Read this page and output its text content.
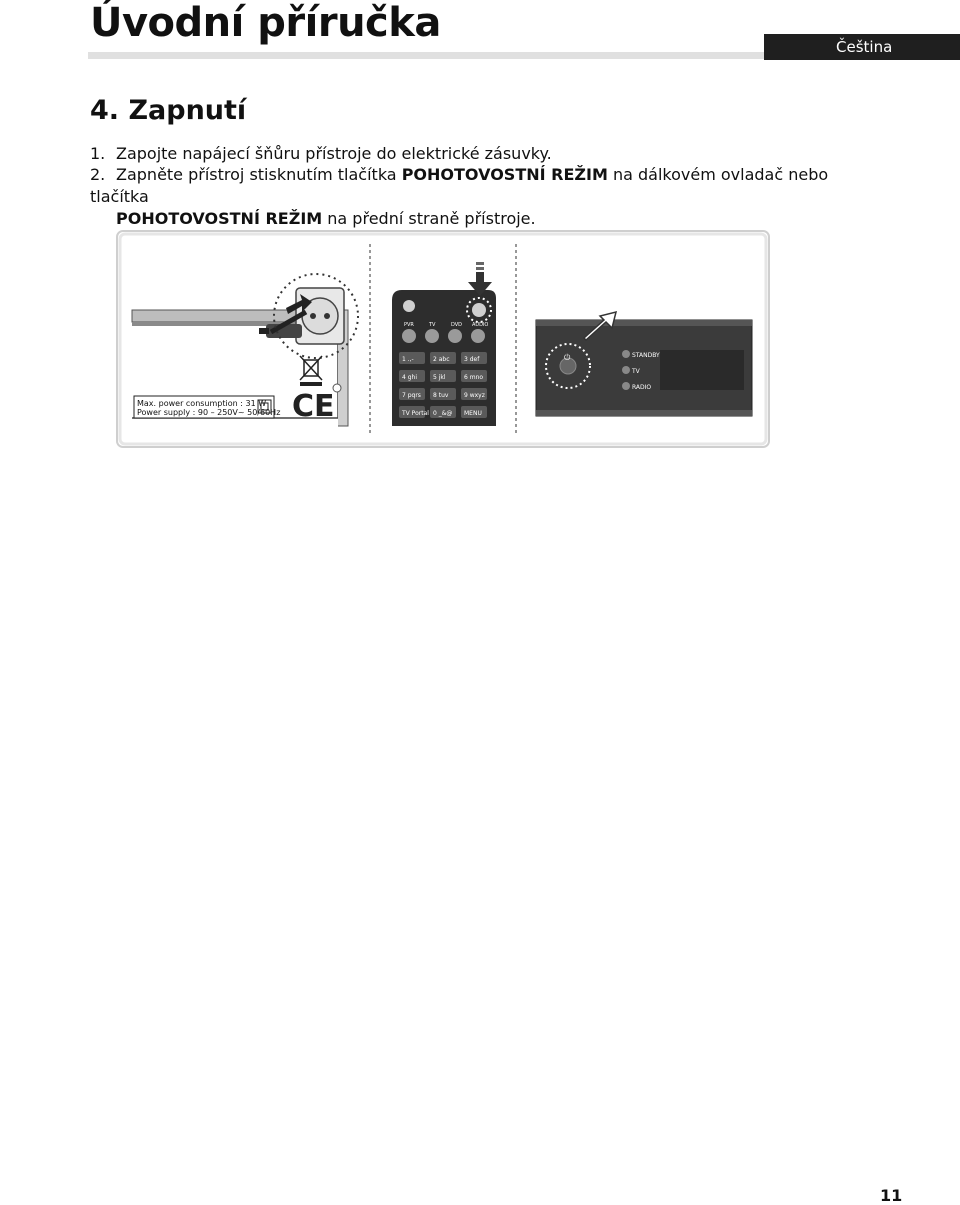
Úvodní příručka
Čeština
4. Zapnutí
1. Zapojte napájecí šňůru přístroje do elektrické zásuvky.
2. Zapněte přístroj stisknutím tlačítka POHOTOVOSTNÍ REŽIM na dálkovém ovladač nebo tlačítka
POHOTOVOSTNÍ REŽIM na přední straně přístroje.
CE
Max. power consumption : 31 W
Power supply : 90 – 250V~ 50/60Hz
PVR	TV	DVD AUDIO
1 .,-	2 abc 3 def
4 ghi	5 jkl	6 mno
7 pqrs 8 tuv	9 wxyz
TV Portal 0 _&@ MENU
⏻	STANDBY
TV
RADIO
11
